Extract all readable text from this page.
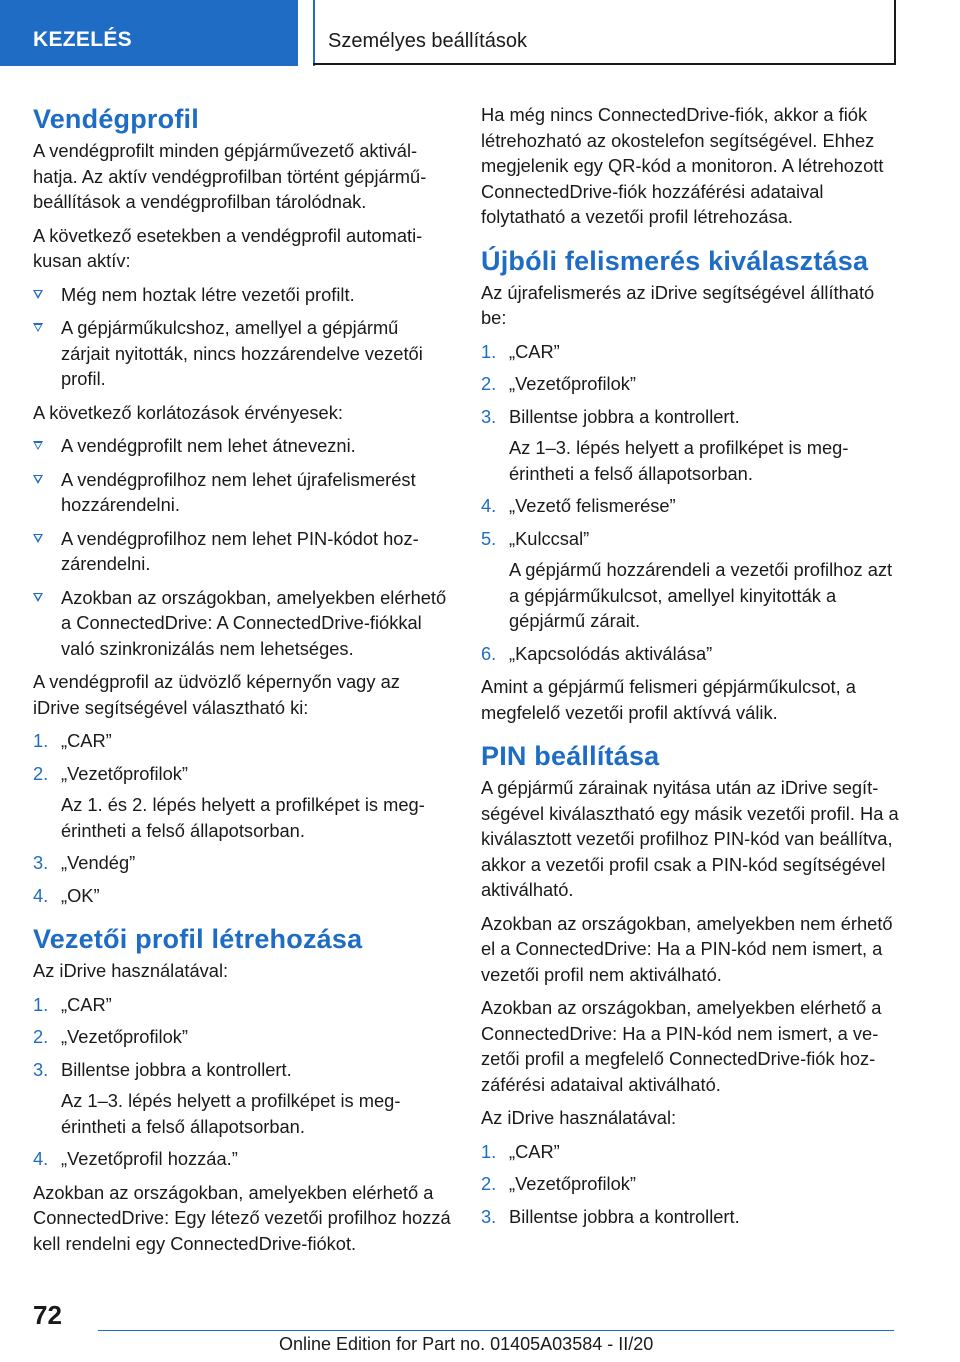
KEZELÉS	Személyes beállítások
Vendégprofil

A vendégprofilt minden gépjárművezető aktiválhatja. Az aktív vendégprofilban történt gépjárműbeállítások a vendégprofilban tárolódnak.

A következő esetekben a vendégprofil automatikusan aktív:

Még nem hoztak létre vezetői profilt.
A gépjárműkulcshoz, amellyel a gépjármű zárjait nyitották, nincs hozzárendelve vezetői profil.

A következő korlátozások érvényesek:

A vendégprofilt nem lehet átnevezni.
A vendégprofilhoz nem lehet újrafelismerést hozzárendelni.
A vendégprofilhoz nem lehet PIN-kódot hozzárendelni.
Azokban az országokban, amelyekben elérhető a ConnectedDrive: A ConnectedDrive-fiókkal való szinkronizálás nem lehetséges.

A vendégprofil az üdvözlő képernyőn vagy az iDrive segítségével választható ki:

1. „CAR”
2. „Vezetőprofilok”
Az 1. és 2. lépés helyett a profilképet is megérintheti a felső állapotsorban.
3. „Vendég”
4. „OK”
Vezetői profil létrehozása

Az iDrive használatával:

1. „CAR”
2. „Vezetőprofilok”
3. Billentse jobbra a kontrollert.
Az 1–3. lépés helyett a profilképet is megérintheti a felső állapotsorban.
4. „Vezetőprofil hozzáa.”

Azokban az országokban, amelyekben elérhető a ConnectedDrive: Egy létező vezetői profilhoz hozzá kell rendelni egy ConnectedDrive-fiókot.

Ha még nincs ConnectedDrive-fiók, akkor a fiók létrehozható az okostelefon segítségével. Ehhez megjelenik egy QR-kód a monitoron. A létrehozott ConnectedDrive-fiók hozzáférési adataival folytatható a vezetői profil létrehozása.

Újbóli felismerés kiválasztása

Az újrafelismerés az iDrive segítségével állítható be:

1. „CAR”
2. „Vezetőprofilok”
3. Billentse jobbra a kontrollert.
Az 1–3. lépés helyett a profilképet is megérintheti a felső állapotsorban.
4. „Vezető felismerése”
5. „Kulccsal”
A gépjármű hozzárendeli a vezetői profilhoz azt a gépjárműkulcsot, amellyel kinyitották a gépjármű zárait.
6. „Kapcsolódás aktiválása”

Amint a gépjármű felismeri gépjárműkulcsot, a megfelelő vezetői profil aktívvá válik.

PIN beállítása

A gépjármű zárainak nyitása után az iDrive segítségével kiválasztható egy másik vezetői profil. Ha a kiválasztott vezetői profilhoz PIN-kód van beállítva, akkor a vezetői profil csak a PIN-kód segítségével aktiválható.

Azokban az országokban, amelyekben nem érhető el a ConnectedDrive: Ha a PIN-kód nem ismert, a vezetői profil nem aktiválható.

Azokban az országokban, amelyekben elérhető a ConnectedDrive: Ha a PIN-kód nem ismert, a vezetői profil a megfelelő ConnectedDrive-fiók hozzáférési adataival aktiválható.

Az iDrive használatával:

1. „CAR”
2. „Vezetőprofilok”
3. Billentse jobbra a kontrollert.
72
Online Edition for Part no. 01405A03584 - II/20
